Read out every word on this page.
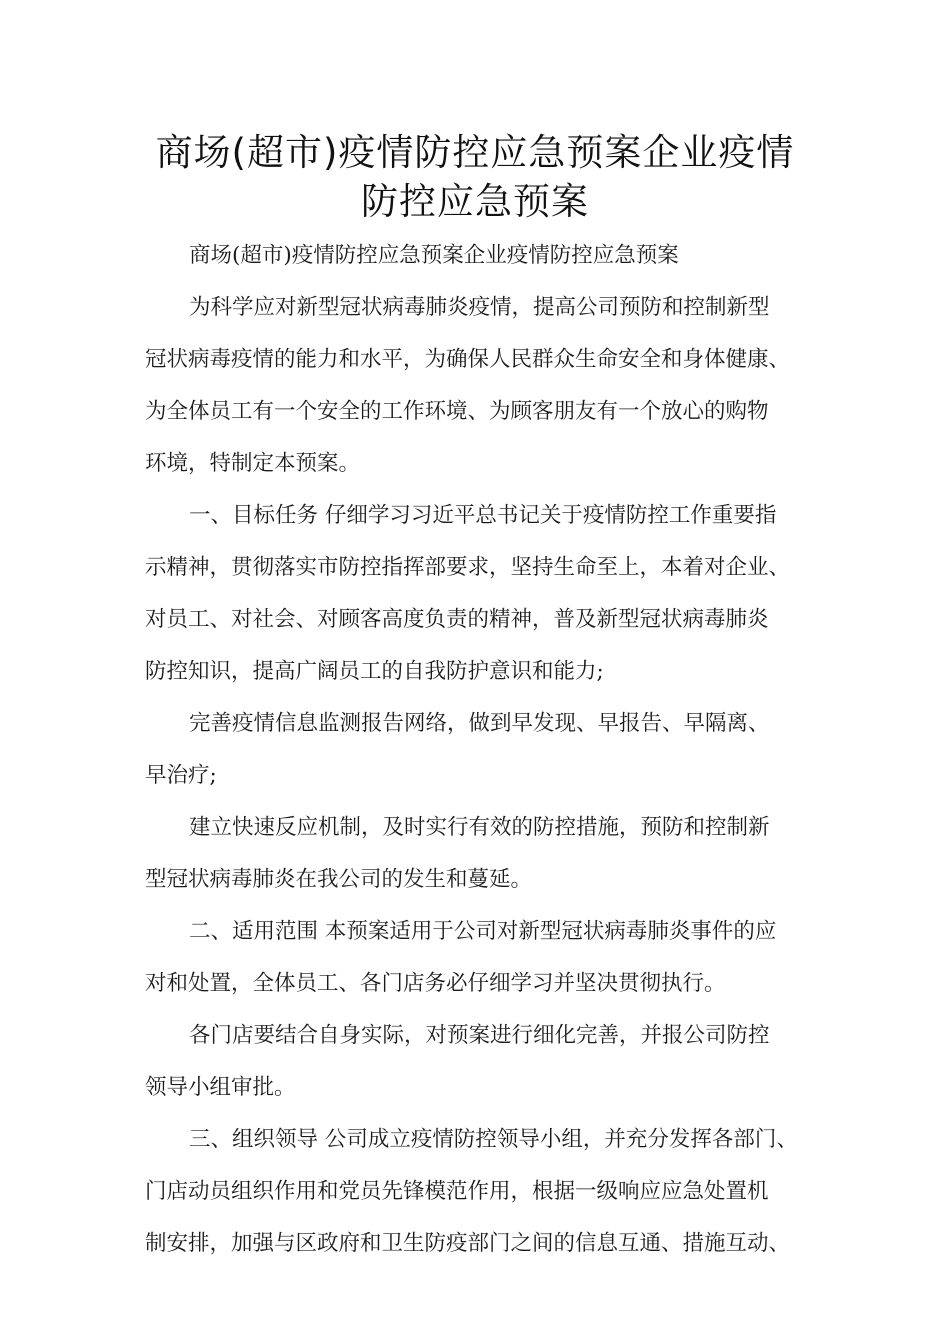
商场(超市)疫情防控应急预案企业疫情
防控应急预案
商场(超市)疫情防控应急预案企业疫情防控应急预案
为科学应对新型冠状病毒肺炎疫情，提高公司预防和控制新型
冠状病毒疫情的能力和水平，为确保人民群众生命安全和身体健康、
为全体员工有一个安全的工作环境、为顾客朋友有一个放心的购物
环境，特制定本预案。
一、目标任务 仔细学习习近平总书记关于疫情防控工作重要指
示精神，贯彻落实市防控指挥部要求，坚持生命至上，本着对企业、
对员工、对社会、对顾客高度负责的精神，普及新型冠状病毒肺炎
防控知识，提高广阔员工的自我防护意识和能力;
完善疫情信息监测报告网络，做到早发现、早报告、早隔离、
早治疗;
建立快速反应机制，及时实行有效的防控措施，预防和控制新
型冠状病毒肺炎在我公司的发生和蔓延。
二、适用范围 本预案适用于公司对新型冠状病毒肺炎事件的应
对和处置，全体员工、各门店务必仔细学习并坚决贯彻执行。
各门店要结合自身实际，对预案进行细化完善，并报公司防控
领导小组审批。
三、组织领导 公司成立疫情防控领导小组，并充分发挥各部门、
门店动员组织作用和党员先锋模范作用，根据一级响应应急处置机
制安排，加强与区政府和卫生防疫部门之间的信息互通、措施互动、
